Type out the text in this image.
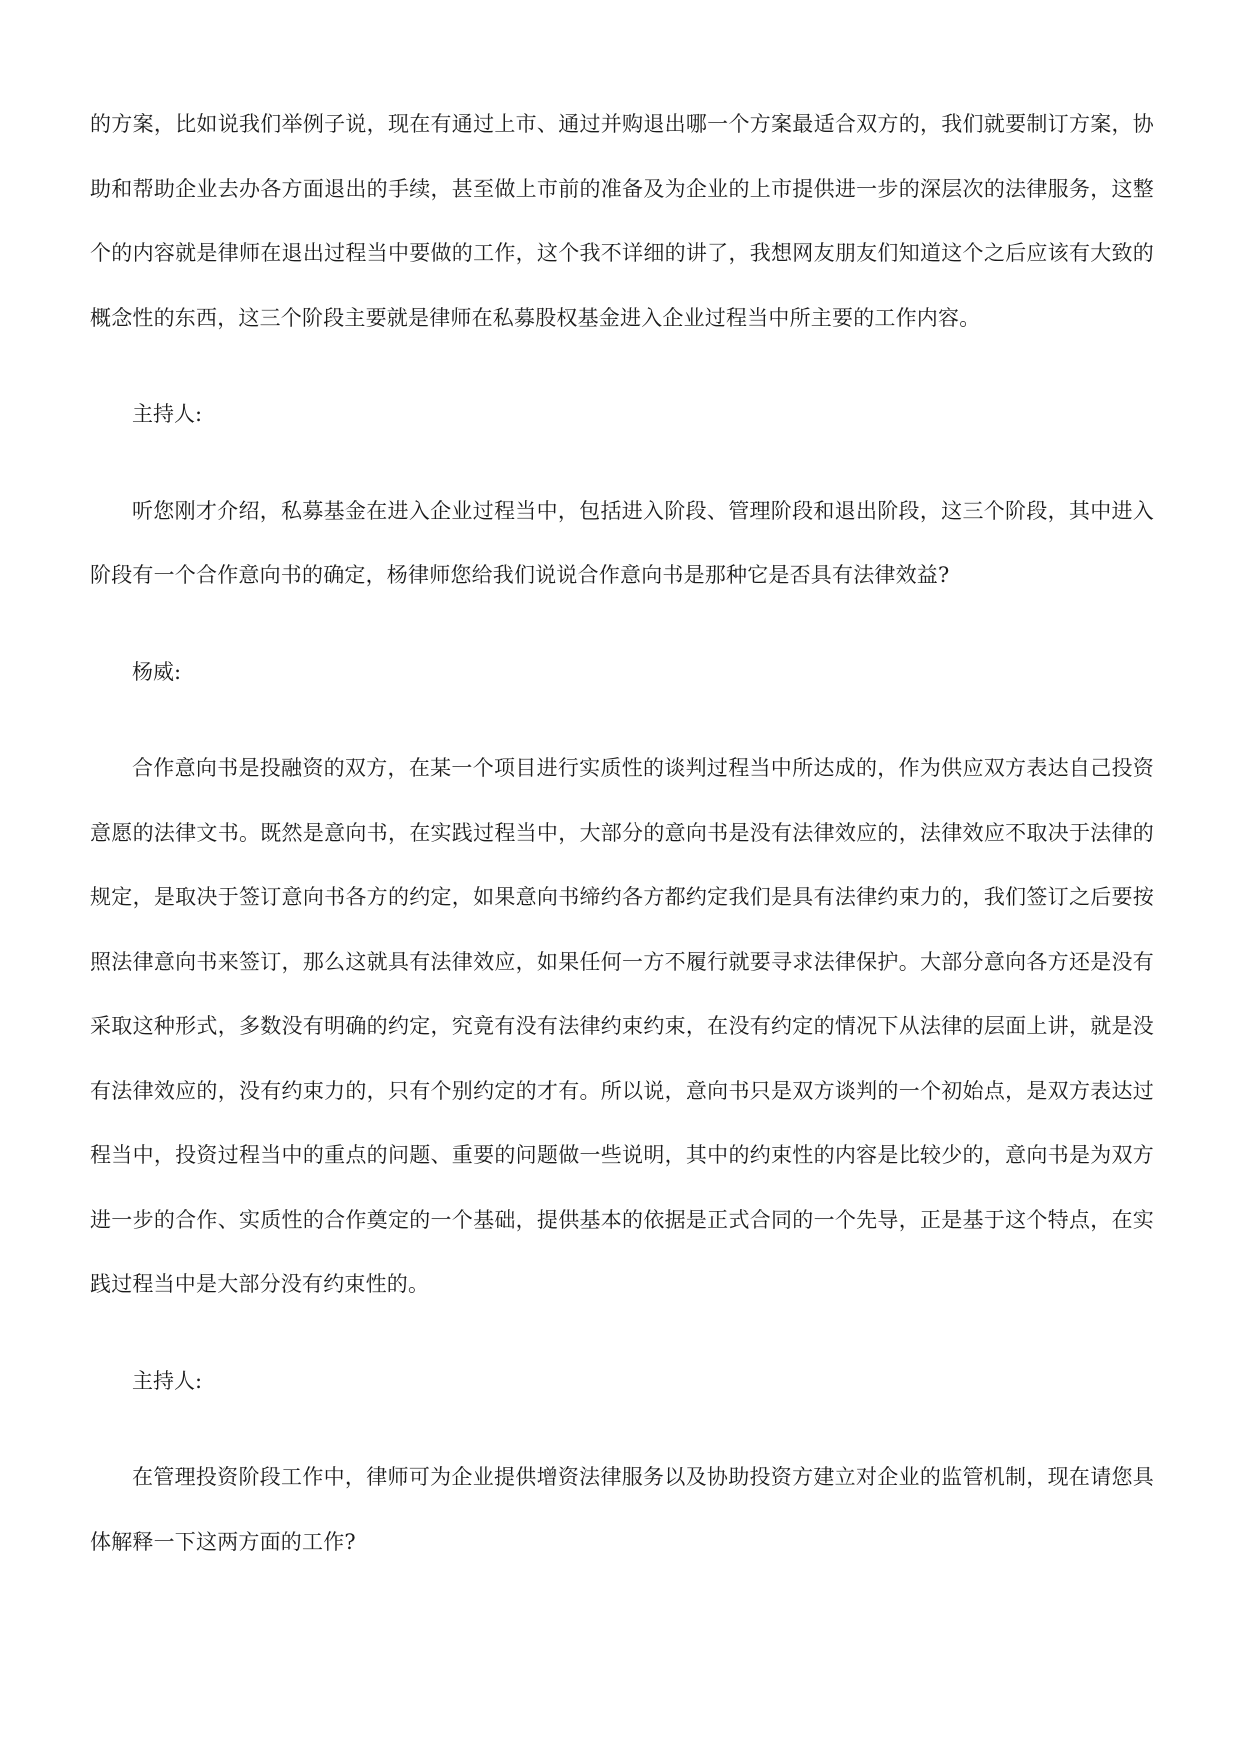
的方案，比如说我们举例子说，现在有通过上市、通过并购退出哪一个方案最适合双方的，我们就要制订方案，协助和帮助企业去办各方面退出的手续，甚至做上市前的准备及为企业的上市提供进一步的深层次的法律服务，这整个的内容就是律师在退出过程当中要做的工作，这个我不详细的讲了，我想网友朋友们知道这个之后应该有大致的概念性的东西，这三个阶段主要就是律师在私募股权基金进入企业过程当中所主要的工作内容。

主持人:

听您刚才介绍，私募基金在进入企业过程当中，包括进入阶段、管理阶段和退出阶段，这三个阶段，其中进入阶段有一个合作意向书的确定，杨律师您给我们说说合作意向书是那种它是否具有法律效益?

杨威:

合作意向书是投融资的双方，在某一个项目进行实质性的谈判过程当中所达成的，作为供应双方表达自己投资意愿的法律文书。既然是意向书，在实践过程当中，大部分的意向书是没有法律效应的，法律效应不取决于法律的规定，是取决于签订意向书各方的约定，如果意向书缔约各方都约定我们是具有法律约束力的，我们签订之后要按照法律意向书来签订，那么这就具有法律效应，如果任何一方不履行就要寻求法律保护。大部分意向各方还是没有采取这种形式，多数没有明确的约定，究竟有没有法律约束约束，在没有约定的情况下从法律的层面上讲，就是没有法律效应的，没有约束力的，只有个别约定的才有。所以说，意向书只是双方谈判的一个初始点，是双方表达过程当中，投资过程当中的重点的问题、重要的问题做一些说明，其中的约束性的内容是比较少的，意向书是为双方进一步的合作、实质性的合作奠定的一个基础，提供基本的依据是正式合同的一个先导，正是基于这个特点，在实践过程当中是大部分没有约束性的。

主持人:

在管理投资阶段工作中，律师可为企业提供增资法律服务以及协助投资方建立对企业的监管机制，现在请您具体解释一下这两方面的工作?
